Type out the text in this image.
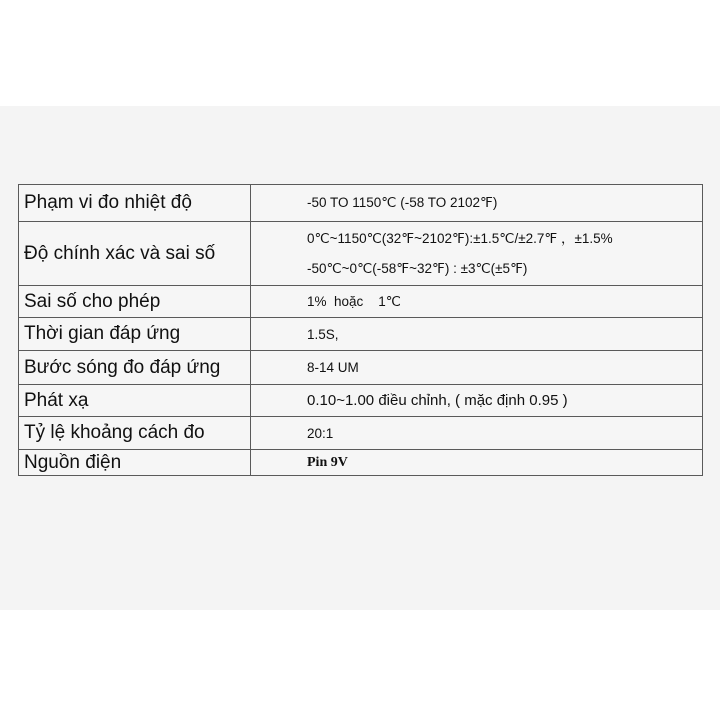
Phạm vi đo nhiệt độ	-50 TO 1150℃ (-58 TO 2102℉)
Độ chính xác và sai số	0℃~1150℃(32℉~2102℉):±1.5℃/±2.7℉ ，±1.5%
-50℃~0℃(-58℉~32℉) : ±3℃(±5℉)

Sai số cho phép	1%  hoặc    1℃
Thời gian đáp ứng	1.5S,
Bước sóng đo đáp ứng	8-14 UM
Phát xạ	0.10~1.00 điều chỉnh, ( mặc định 0.95 )
Tỷ lệ khoảng cách đo	20:1
Nguồn điện	Pin 9V
